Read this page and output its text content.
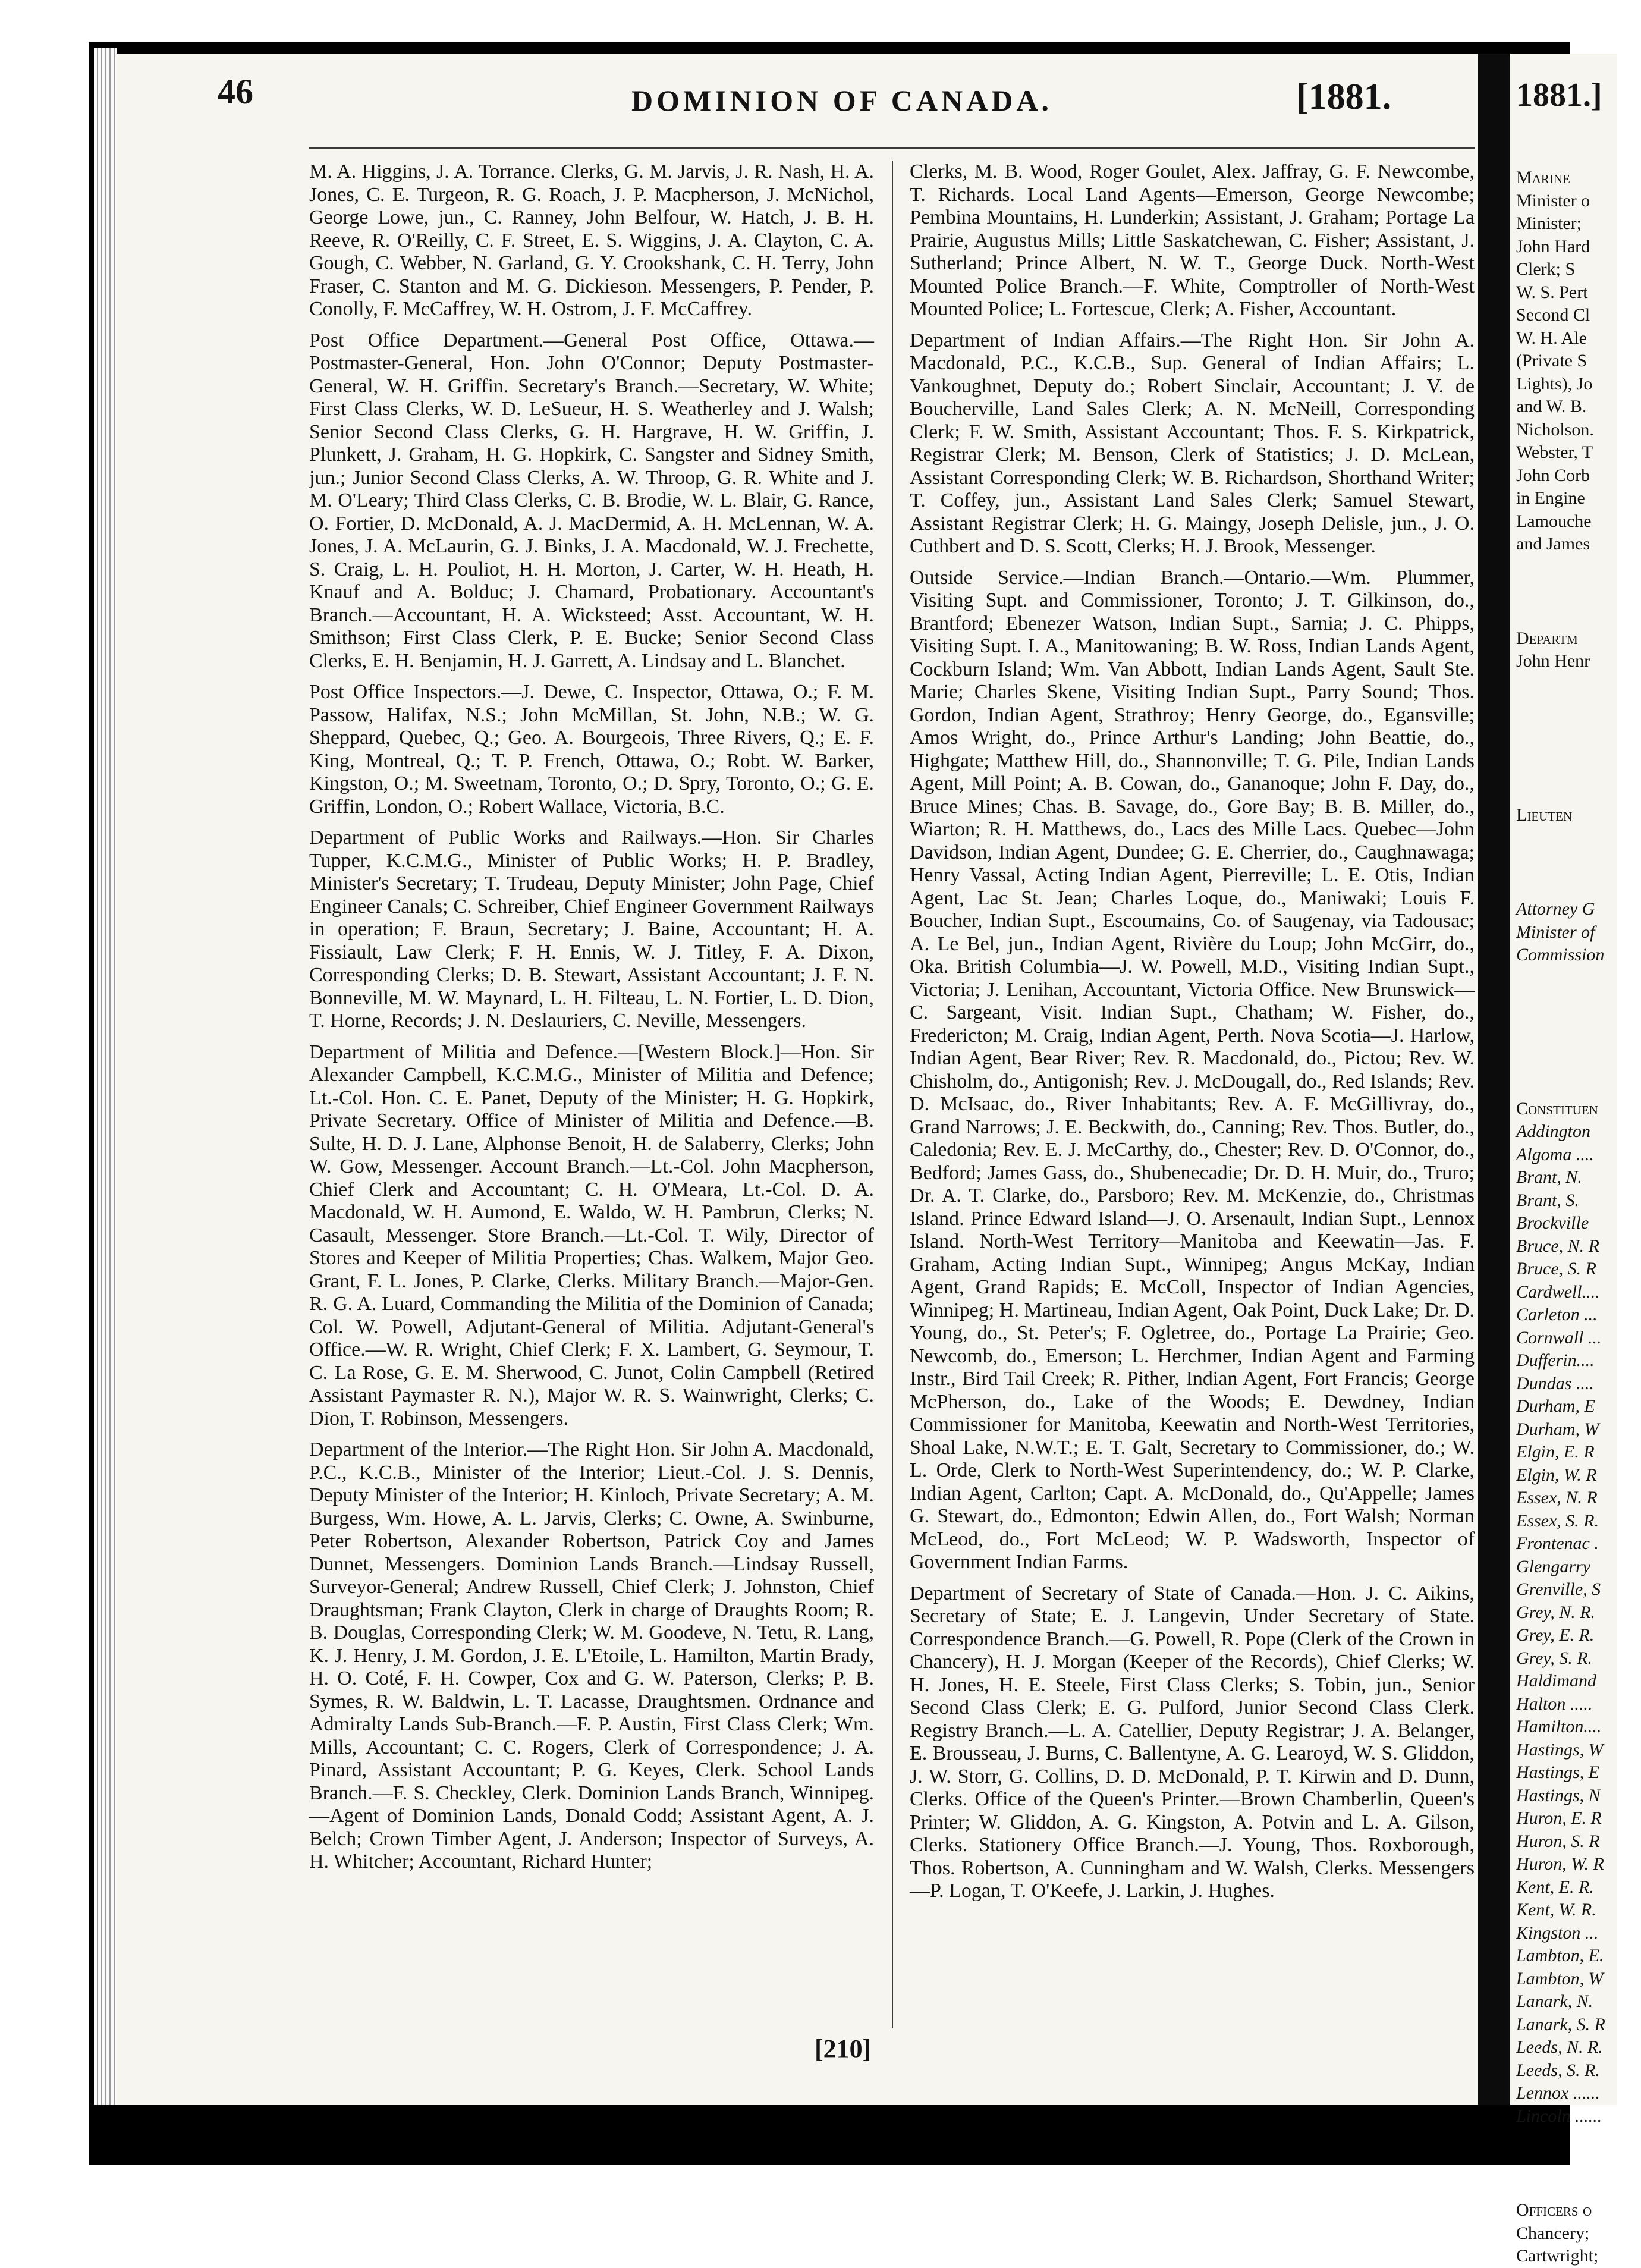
1881.]
Marine
Minister o
Minister;
John Hard
Clerk; S
W. S. Pert
Second Cl
W. H. Ale
(Private S
Lights), Jo
and W. B.
Nicholson.
Webster, T
John Corb
in Engine
Lamouche
and James
Departm
John Henr
Lieuten
Attorney G
Minister of
Commission
Constituen
Addington
Algoma ....
Brant, N.
Brant, S.
Brockville
Bruce, N. R
Bruce, S. R
Cardwell....
Carleton ...
Cornwall ...
Dufferin....
Dundas ....
Durham, E
Durham, W
Elgin, E. R
Elgin, W. R
Essex, N. R
Essex, S. R.
Frontenac .
Glengarry
Grenville, S
Grey, N. R.
Grey, E. R.
Grey, S. R.
Haldimand
Halton .....
Hamilton....
Hastings, W
Hastings, E
Hastings, N
Huron, E. R
Huron, S. R
Huron, W. R
Kent, E. R.
Kent, W. R.
Kingston ...
Lambton, E.
Lambton, W
Lanark, N.
Lanark, S. R
Leeds, N. R.
Leeds, S. R.
Lennox ......
Lincoln ......
Officers o
Chancery;
Cartwright;
46	DOMINION OF CANADA.	[1881.

M. A. Higgins, J. A. Torrance. Clerks, G. M. Jarvis, J. R. Nash, H. A. Jones, C. E. Turgeon, R. G. Roach, J. P. Macpherson, J. McNichol, George Lowe, jun., C. Ranney, John Belfour, W. Hatch, J. B. H. Reeve, R. O'Reilly, C. F. Street, E. S. Wiggins, J. A. Clayton, C. A. Gough, C. Webber, N. Garland, G. Y. Crookshank, C. H. Terry, John Fraser, C. Stanton and M. G. Dickieson. Messengers, P. Pender, P. Conolly, F. McCaffrey, W. H. Ostrom, J. F. McCaffrey.

Post Office Department.—General Post Office, Ottawa.—Postmaster-General, Hon. John O'Connor; Deputy Postmaster-General, W. H. Griffin. Secretary's Branch.—Secretary, W. White; First Class Clerks, W. D. LeSueur, H. S. Weatherley and J. Walsh; Senior Second Class Clerks, G. H. Hargrave, H. W. Griffin, J. Plunkett, J. Graham, H. G. Hopkirk, C. Sangster and Sidney Smith, jun.; Junior Second Class Clerks, A. W. Throop, G. R. White and J. M. O'Leary; Third Class Clerks, C. B. Brodie, W. L. Blair, G. Rance, O. Fortier, D. McDonald, A. J. MacDermid, A. H. McLennan, W. A. Jones, J. A. McLaurin, G. J. Binks, J. A. Macdonald, W. J. Frechette, S. Craig, L. H. Pouliot, H. H. Morton, J. Carter, W. H. Heath, H. Knauf and A. Bolduc; J. Chamard, Probationary. Accountant's Branch.—Accountant, H. A. Wicksteed; Asst. Accountant, W. H. Smithson; First Class Clerk, P. E. Bucke; Senior Second Class Clerks, E. H. Benjamin, H. J. Garrett, A. Lindsay and L. Blanchet.

Post Office Inspectors.—J. Dewe, C. Inspector, Ottawa, O.; F. M. Passow, Halifax, N.S.; John McMillan, St. John, N.B.; W. G. Sheppard, Quebec, Q.; Geo. A. Bourgeois, Three Rivers, Q.; E. F. King, Montreal, Q.; T. P. French, Ottawa, O.; Robt. W. Barker, Kingston, O.; M. Sweetnam, Toronto, O.; D. Spry, Toronto, O.; G. E. Griffin, London, O.; Robert Wallace, Victoria, B.C.

Department of Public Works and Railways.—Hon. Sir Charles Tupper, K.C.M.G., Minister of Public Works; H. P. Bradley, Minister's Secretary; T. Trudeau, Deputy Minister; John Page, Chief Engineer Canals; C. Schreiber, Chief Engineer Government Railways in operation; F. Braun, Secretary; J. Baine, Accountant; H. A. Fissiault, Law Clerk; F. H. Ennis, W. J. Titley, F. A. Dixon, Corresponding Clerks; D. B. Stewart, Assistant Accountant; J. F. N. Bonneville, M. W. Maynard, L. H. Filteau, L. N. Fortier, L. D. Dion, T. Horne, Records; J. N. Deslauriers, C. Neville, Messengers.

Department of Militia and Defence.—[Western Block.]—Hon. Sir Alexander Campbell, K.C.M.G., Minister of Militia and Defence; Lt.-Col. Hon. C. E. Panet, Deputy of the Minister; H. G. Hopkirk, Private Secretary. Office of Minister of Militia and Defence.—B. Sulte, H. D. J. Lane, Alphonse Benoit, H. de Salaberry, Clerks; John W. Gow, Messenger. Account Branch.—Lt.-Col. John Macpherson, Chief Clerk and Accountant; C. H. O'Meara, Lt.-Col. D. A. Macdonald, W. H. Aumond, E. Waldo, W. H. Pambrun, Clerks; N. Casault, Messenger. Store Branch.—Lt.-Col. T. Wily, Director of Stores and Keeper of Militia Properties; Chas. Walkem, Major Geo. Grant, F. L. Jones, P. Clarke, Clerks. Military Branch.—Major-Gen. R. G. A. Luard, Commanding the Militia of the Dominion of Canada; Col. W. Powell, Adjutant-General of Militia. Adjutant-General's Office.—W. R. Wright, Chief Clerk; F. X. Lambert, G. Seymour, T. C. La Rose, G. E. M. Sherwood, C. Junot, Colin Campbell (Retired Assistant Paymaster R. N.), Major W. R. S. Wainwright, Clerks; C. Dion, T. Robinson, Messengers.

Department of the Interior.—The Right Hon. Sir John A. Macdonald, P.C., K.C.B., Minister of the Interior; Lieut.-Col. J. S. Dennis, Deputy Minister of the Interior; H. Kinloch, Private Secretary; A. M. Burgess, Wm. Howe, A. L. Jarvis, Clerks; C. Owne, A. Swinburne, Peter Robertson, Alexander Robertson, Patrick Coy and James Dunnet, Messengers. Dominion Lands Branch.—Lindsay Russell, Surveyor-General; Andrew Russell, Chief Clerk; J. Johnston, Chief Draughtsman; Frank Clayton, Clerk in charge of Draughts Room; R. B. Douglas, Corresponding Clerk; W. M. Goodeve, N. Tetu, R. Lang, K. J. Henry, J. M. Gordon, J. E. L'Etoile, L. Hamilton, Martin Brady, H. O. Coté, F. H. Cowper, Cox and G. W. Paterson, Clerks; P. B. Symes, R. W. Baldwin, L. T. Lacasse, Draughtsmen. Ordnance and Admiralty Lands Sub-Branch.—F. P. Austin, First Class Clerk; Wm. Mills, Accountant; C. C. Rogers, Clerk of Correspondence; J. A. Pinard, Assistant Accountant; P. G. Keyes, Clerk. School Lands Branch.—F. S. Checkley, Clerk. Dominion Lands Branch, Winnipeg.—Agent of Dominion Lands, Donald Codd; Assistant Agent, A. J. Belch; Crown Timber Agent, J. Anderson; Inspector of Surveys, A. H. Whitcher; Accountant, Richard Hunter;

Clerks, M. B. Wood, Roger Goulet, Alex. Jaffray, G. F. Newcombe, T. Richards. Local Land Agents—Emerson, George Newcombe; Pembina Mountains, H. Lunderkin; Assistant, J. Graham; Portage La Prairie, Augustus Mills; Little Saskatchewan, C. Fisher; Assistant, J. Sutherland; Prince Albert, N. W. T., George Duck. North-West Mounted Police Branch.—F. White, Comptroller of North-West Mounted Police; L. Fortescue, Clerk; A. Fisher, Accountant.

Department of Indian Affairs.—The Right Hon. Sir John A. Macdonald, P.C., K.C.B., Sup. General of Indian Affairs; L. Vankoughnet, Deputy do.; Robert Sinclair, Accountant; J. V. de Boucherville, Land Sales Clerk; A. N. McNeill, Corresponding Clerk; F. W. Smith, Assistant Accountant; Thos. F. S. Kirkpatrick, Registrar Clerk; M. Benson, Clerk of Statistics; J. D. McLean, Assistant Corresponding Clerk; W. B. Richardson, Shorthand Writer; T. Coffey, jun., Assistant Land Sales Clerk; Samuel Stewart, Assistant Registrar Clerk; H. G. Maingy, Joseph Delisle, jun., J. O. Cuthbert and D. S. Scott, Clerks; H. J. Brook, Messenger.

Outside Service.—Indian Branch.—Ontario.—Wm. Plummer, Visiting Supt. and Commissioner, Toronto; J. T. Gilkinson, do., Brantford; Ebenezer Watson, Indian Supt., Sarnia; J. C. Phipps, Visiting Supt. I. A., Manitowaning; B. W. Ross, Indian Lands Agent, Cockburn Island; Wm. Van Abbott, Indian Lands Agent, Sault Ste. Marie; Charles Skene, Visiting Indian Supt., Parry Sound; Thos. Gordon, Indian Agent, Strathroy; Henry George, do., Egansville; Amos Wright, do., Prince Arthur's Landing; John Beattie, do., Highgate; Matthew Hill, do., Shannonville; T. G. Pile, Indian Lands Agent, Mill Point; A. B. Cowan, do., Gananoque; John F. Day, do., Bruce Mines; Chas. B. Savage, do., Gore Bay; B. B. Miller, do., Wiarton; R. H. Matthews, do., Lacs des Mille Lacs. Quebec—John Davidson, Indian Agent, Dundee; G. E. Cherrier, do., Caughnawaga; Henry Vassal, Acting Indian Agent, Pierreville; L. E. Otis, Indian Agent, Lac St. Jean; Charles Loque, do., Maniwaki; Louis F. Boucher, Indian Supt., Escoumains, Co. of Saugenay, via Tadousac; A. Le Bel, jun., Indian Agent, Rivière du Loup; John McGirr, do., Oka. British Columbia—J. W. Powell, M.D., Visiting Indian Supt., Victoria; J. Lenihan, Accountant, Victoria Office. New Brunswick—C. Sargeant, Visit. Indian Supt., Chatham; W. Fisher, do., Fredericton; M. Craig, Indian Agent, Perth. Nova Scotia—J. Harlow, Indian Agent, Bear River; Rev. R. Macdonald, do., Pictou; Rev. W. Chisholm, do., Antigonish; Rev. J. McDougall, do., Red Islands; Rev. D. McIsaac, do., River Inhabitants; Rev. A. F. McGillivray, do., Grand Narrows; J. E. Beckwith, do., Canning; Rev. Thos. Butler, do., Caledonia; Rev. E. J. McCarthy, do., Chester; Rev. D. O'Connor, do., Bedford; James Gass, do., Shubenecadie; Dr. D. H. Muir, do., Truro; Dr. A. T. Clarke, do., Parsboro; Rev. M. McKenzie, do., Christmas Island. Prince Edward Island—J. O. Arsenault, Indian Supt., Lennox Island. North-West Territory—Manitoba and Keewatin—Jas. F. Graham, Acting Indian Supt., Winnipeg; Angus McKay, Indian Agent, Grand Rapids; E. McColl, Inspector of Indian Agencies, Winnipeg; H. Martineau, Indian Agent, Oak Point, Duck Lake; Dr. D. Young, do., St. Peter's; F. Ogletree, do., Portage La Prairie; Geo. Newcomb, do., Emerson; L. Herchmer, Indian Agent and Farming Instr., Bird Tail Creek; R. Pither, Indian Agent, Fort Francis; George McPherson, do., Lake of the Woods; E. Dewdney, Indian Commissioner for Manitoba, Keewatin and North-West Territories, Shoal Lake, N.W.T.; E. T. Galt, Secretary to Commissioner, do.; W. L. Orde, Clerk to North-West Superintendency, do.; W. P. Clarke, Indian Agent, Carlton; Capt. A. McDonald, do., Qu'Appelle; James G. Stewart, do., Edmonton; Edwin Allen, do., Fort Walsh; Norman McLeod, do., Fort McLeod; W. P. Wadsworth, Inspector of Government Indian Farms.

Department of Secretary of State of Canada.—Hon. J. C. Aikins, Secretary of State; E. J. Langevin, Under Secretary of State. Correspondence Branch.—G. Powell, R. Pope (Clerk of the Crown in Chancery), H. J. Morgan (Keeper of the Records), Chief Clerks; W. H. Jones, H. E. Steele, First Class Clerks; S. Tobin, jun., Senior Second Class Clerk; E. G. Pulford, Junior Second Class Clerk. Registry Branch.—L. A. Catellier, Deputy Registrar; J. A. Belanger, E. Brousseau, J. Burns, C. Ballentyne, A. G. Learoyd, W. S. Gliddon, J. W. Storr, G. Collins, D. D. McDonald, P. T. Kirwin and D. Dunn, Clerks. Office of the Queen's Printer.—Brown Chamberlin, Queen's Printer; W. Gliddon, A. G. Kingston, A. Potvin and L. A. Gilson, Clerks. Stationery Office Branch.—J. Young, Thos. Roxborough, Thos. Robertson, A. Cunningham and W. Walsh, Clerks. Messengers—P. Logan, T. O'Keefe, J. Larkin, J. Hughes.

[210]
